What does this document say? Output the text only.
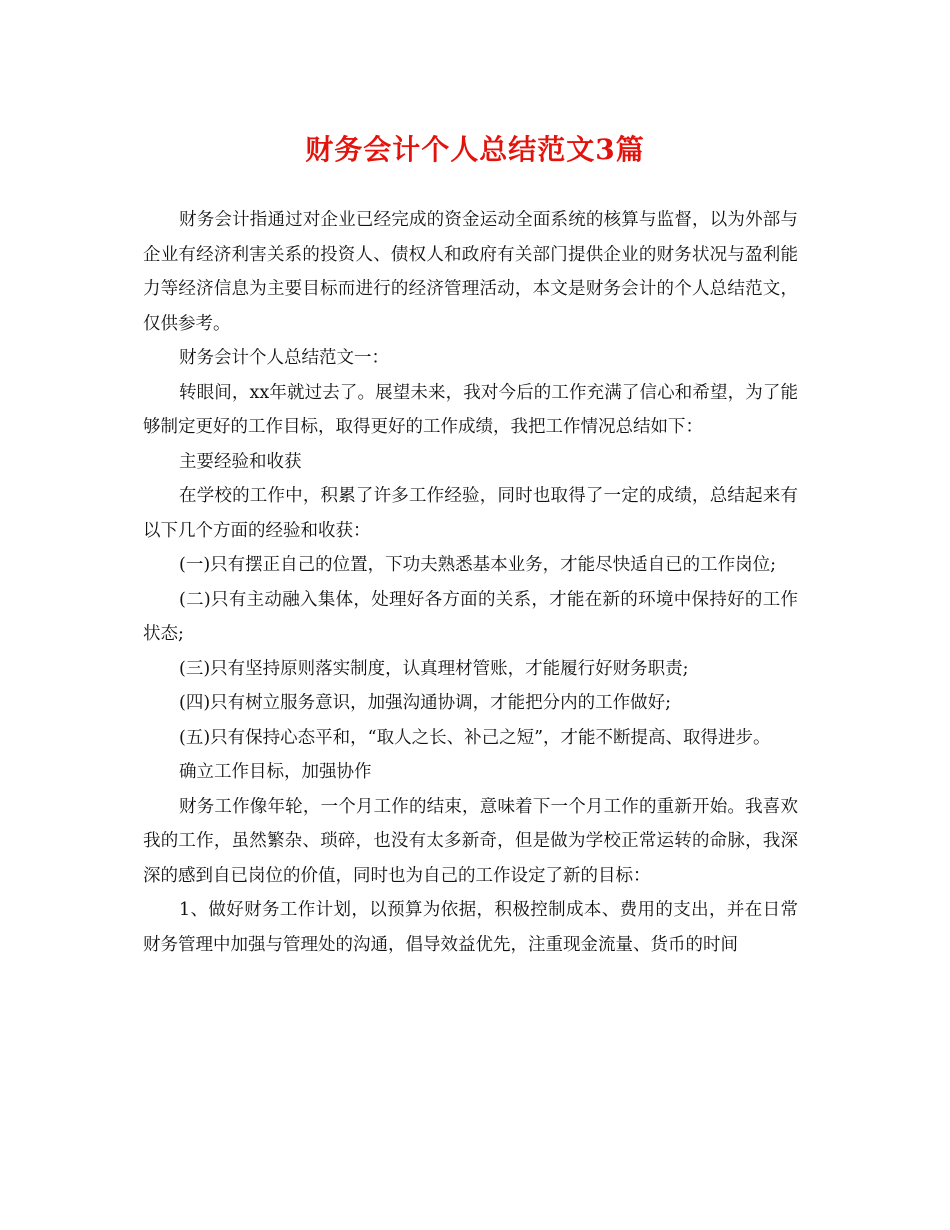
财务会计个人总结范文3篇

财务会计指通过对企业已经完成的资金运动全面系统的核算与监督，以为外部与企业有经济利害关系的投资人、债权人和政府有关部门提供企业的财务状况与盈利能力等经济信息为主要目标而进行的经济管理活动，本文是财务会计的个人总结范文，仅供参考。

财务会计个人总结范文一：

转眼间，xx年就过去了。展望未来，我对今后的工作充满了信心和希望，为了能够制定更好的工作目标，取得更好的工作成绩，我把工作情况总结如下：

主要经验和收获

在学校的工作中，积累了许多工作经验，同时也取得了一定的成绩，总结起来有以下几个方面的经验和收获：

(一)只有摆正自己的位置，下功夫熟悉基本业务，才能尽快适自已的工作岗位;

(二)只有主动融入集体，处理好各方面的关系，才能在新的环境中保持好的工作状态;

(三)只有坚持原则落实制度，认真理材管账，才能履行好财务职责;

(四)只有树立服务意识，加强沟通协调，才能把分内的工作做好;

(五)只有保持心态平和，“取人之长、补己之短”，才能不断提高、取得进步。

确立工作目标，加强协作

财务工作像年轮，一个月工作的结束，意味着下一个月工作的重新开始。我喜欢我的工作，虽然繁杂、琐碎，也没有太多新奇，但是做为学校正常运转的命脉，我深深的感到自已岗位的价值，同时也为自己的工作设定了新的目标：

1、做好财务工作计划，以预算为依据，积极控制成本、费用的支出，并在日常财务管理中加强与管理处的沟通，倡导效益优先，注重现金流量、货币的时间
